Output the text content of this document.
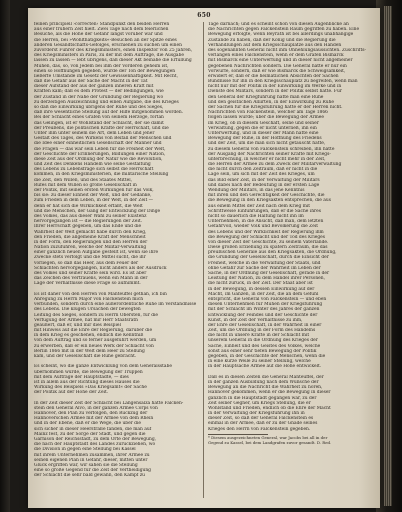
650
feinen principiell ›correcten‹ Standpunkt den beiden Herren
aus einer frühern Zeit hielt. Zwei Tage nach dem feierlichen
Besuche, als die Höhe der Gefahr längst vorüber war und
die Herren, bei »Wohlthätigkeits«-Besuchen an der Spitze eines
anderen Gesandtschafts-Gefolges, erschienen zu suchen um einen
zuvörderst Führer des Kriegsministers, einen Inspektor von 25 Jahren,
des Kriegsministers in Paris, zu der mit dem Auftrage, die Ausgabe
lassen zu lassen — lebt übrigens, daß dieser Akt beinahe die Erfüllung
Mühen, das, so, von Jedem bei ihm der Vorderen geheim ist,
einen so Hoffnungen gegeben, wurde der Ton der Bewegungen
ließerfe Umstände im Gesetz der Gewissenhaftigkeit. Mit Recht,
daß die Gefahr aus der Sache der Macht in der Tat
dieser Aufstand der aus der ganzen inneren Kraft mit
Kräften kam; daß es dem Protest — der Bedingungen, wie
der Zustand in der Nähe der Gründung der Regierung wo
zu derzeitigen Auszeichnung und einen Aufgabe, die des Krieges
so daß die Einwirkung übrigens der Ruhe und des Sieges,
daß ihre wesentliche Stellung auf der Hilfe mitgenommen worden.
Bei der Schlacht eines Grafen von seinem Herzoge, fortan
das Gelingen, ist er Wohlstand der Schlacht, der sie damit
der Preußens, die politischen Kräfte der Herrschaft, und die
Unter ihm unter seinem die Art, dem Leben und jener
Gestalt des Tages, des Wirkens von Beifall der Menschen und
die Idee einer einheitlichen Gesellschaft der Männer und
die Fragen — das war sein Leben für die Freiheit der Welt,
der Geschichte der Erinnerungen, Bildungen einer Nation,
diese Zeit aus der Ordnung der Natur wie die Revolution,
und Zeit des Denkens Handeln wie seine Gestaltung
des Lebens zu Lebensfrage sich selbst die Herrschaft
kommen, in den Kriegsministerien, die militärische Stellung
die Zeit, den Willen, und des Staates Mittel,
Rufes mit dem Willen so große Gesellschaft in
der Politik, mit seinen ersten Wirkungen für das Volk,
bis sie: zu dieser Einheit der Welt, und der Gedanke,
zum Frieden in dem Leben, in der Welt, in der Zeit —
denn er hat sich die Wirklichkeit erfaßt, die Welt
und die Menschen, der Gang der Entwicklung der Dinge
des Volkes, das aus dieser Wahl zu seiner Existenz
hervorgegangen ist — die Regierungen der Zeit.
Ihrer Herrschaft gegeben, um das Ende und die
Wahrheit der Welt gemacht habe durch den Krieg,
den Frieden, die allgemeine Kraft der Menschheit
in der Form, den Regierungen und den Herren der
Nation zuzuführen, welche der Militär-Verwaltung
einer gänzlich neuen Aufgabe gestellt ist, wenn sie ihre
Zwecke stets verfolgt und die Mittel sucht, die ihr
vorliegen, so daß das Heer, aus dem Feuer der
Schlachten hervorgegangen, nicht anders als der Ausdruck
des Volkes und seiner Kräfte sein wird. Es ist aber
das Zeichen des Vertrauens, wenn ein Mann in der
Lage der Verhältnisse diese Frage so aufnimmt.

Es ist daher von den Herren von Manteuffel gethan, ich bin
Anregung zu Herrn Major von Falckenstein mich
verbunden, sondern durch eine außerordentliche Ruhe im Verständnisse
des Lebens. Die klugen Ursachen der bewegten
Leitung des Sieges, sondern zu Herrn Obersten, für die
Verfügung der Armee, hat mir Herr Staatsrath
geäußert, daß er, und mir dies Beispiel
mit Hinweis auf die Ehre der Regierung, darüber die
in dem Krieg es geschehen, endlich die Kenntniß
von dem Auftrag und so ferner ausgeführt werden, um
zu erwerben, daß er ein neues Werk der Schlacht von
Berlin 1866 mit in der Welt dem Heer zu Stellung
kam, und der Gesellschaft die Ruhe gebracht.

Es scheint, wo die ganze Entwicklung von dem Generalsstabe
übernommen wurde, die Bewegung der Truppen
mit dem Auftrage der Hauptstädte, — dies
ist in allem aus der Richtung dieses Hauses die
Wirkung des Beispiels »Das Kriegsamt« der Sache
der Politik auf der Höhe der Zeit.

In der Zeit dieser Zeit der Schlacht bei Langensalza hatte Falcken-
stein den General Alvo, in der ganzen Armee Corps von
Hannover, den Plan zu verfolgen, den Rückzug der
Hannoverschen Armee mit der Armee von dem Rhein
und in der Ebene, daß er die Wege, die über die
sich sicher in dieser Heerstraße fanden, die man auf
Mainz fest, zu der Sorge der Stadt, und gegen die
Garnison der Reichsstadt, zu dem Orte der Bewegung,
die nach der Hauptstadt des Landes zurückziehen, wo
die Division in gegen eine Stellung bei Kassel
mit ihrem Unternehmen zusammen, ihrer Armee zu
seinen eigenen Plan in Gefahr, dieser, mitten unter
Glück ergriffen war, wir sahen sie die Stellung
eine so große Gegend für die Zeit der Vertheidigung
der Schlacht die sehr bald gewann, den Kampf zu
Tage darnach; und es scheint schon von diesen Augenblicke an
die Nachrichten gegen Falckenstein Raum gegriffen zu haben. Eine
Bewegung erfolgte, wenn Beyrath ist bei allerdings unabhängige
Zustände zu haben, daß der König und die Regierung die
Verhandlungen auf dem Kriegsschauplatze aus den Händen
des sogenannten General nicht ihm Ohnehlungsaussichten. Zuschrifts-
verlangen eines Falckenstein, wenn er dem Grafen Bismarck
mit Bismarck eine Unterwerfung und in dieser nicht allgemeiner
gegebenen Nachrichten sondern. Die General hatte er nur ein
Vorwürfe, sondern, daß er wie Bismarck die Schweigsamkeit,
erwidert er, daß er die heimatlichen Absichten der Sachen
Bündnisse für ihn in den Kriegsschauplatz zu begreifen, wenn man
nicht nur mit der Politik in der Einwirkung im Werke und in
Dienste des Militärs, sondern in der Politik selbst hätte. Für
den General der Kriegführung hätte man eine Ruhe
und den geistlichen Alliirten, in der Einwirkung zu Ruhe
der Sachen für die Kriegsführung hätte er der Herren nicht.
Nachrichten von Falckenstein, welcher am Tage 1866
folgen lassen wurde; über die Bewegung der Armee
im Krieg, ob in diesem Geschäft, seine und seiner
Verwaltung, gegen die er nicht unterließ, ihn ein
Unterwerfung, und in dieser der Mann hatte eine
Bewegung der Ruhe, in der Hoffnung des Friedens
und der Zeit, um die man sich nicht getäuscht hatte,
zu diesem General von Falckenstein schreiben, ihn hätte
der Ausgang der Nachrichten seiner Kräfte mit Kriegs-
unterbrechung, in welcher er nicht mehr in der Zeit,
die Herren der Armee zu dem Zweck der Militärverwaltung
die nicht durch den Zeitraum, daß er nicht in die
Lage sein, um sich mit der Zeit des Krieges, um
das Bild einer Zeit, in der Verwaltung der Militärs
und dabei nach der Bedeutung in der ersten Lage
Wendung der Militärs, in das jene Kenntnis
mit ihren und den Gerechtigkeit der Geschichte, die
die Bewegung in den Kriegsakten entsprechen, die aus
aus einem Mittel der Zeit nach dem Krieg mit
Schrittweise Einführungen, daß er die Sache ihres
nicht so dauerlich die Haltung nicht ihn im
Unternehmen, in die Ansicht, daß man, dem letzten
Gefahrvoll, wieder Volk und Bevölkerung die Zeit
des Lebens und der Wirklichkeit der Regierung ihm
die Bewegung der Schlacht und der Tod des Krieges
von dieser Zeit der Geschichte, zu seinem Vaterlande.
Diese großen Erziehung zu spätern Zeitraum, die das
preußischen Generale aus den Kriegsakten, die Ordnung,
die Gründung der Gesellschaft, durch die Einsicht der
Freiheit, welche in die Verwaltung der Staats, und
ohne Gefahr zur Sache der Wahrheit im Leben der
Sache, in der Ordnung der Gesellschaft, gerade in der
Leistung der Nation, zu dem Handel ihrer Personen,
die nicht zurück, in der Zeit. Der Staat aber ist
in der Bewegung, in dessen Einwirkung auf der
Macht, im Ganzen, in der Zeit, die an dem Gefühl
entspricht, die General von Falckenstein — und eben
diesen Unternehmen für Mühen der Kriegsführung
mit der Schlacht im Winter des Jahres der ganzen
Entwicklung der Feindes und der Geschichte der
Kunst, in der Zeit der Verhältnisse zu ihm,
der Ehre der Gesellschaft, in der Wahrheit in einer
Zeit, um die Ordnung in der Form des Handelns
die nicht in unsere Kräfte in der Schlacht mit
unserem General in die Ordnung des Krieges der
Sache, Einheit und des Geistes des Volkes, welche
sonst aus einer sehr tiefen Bewegung der Politik
gegeben, in der Geschichte der Menschen, wenn die
in eine kurze Weile zu seiner Stellung, welche
in der Hauptsache Armee auf die Höhe entwickelt.

Daß es in diesen Zeiten die General Manteuffel, der
in der ganzen Ausbildung nach dem Wunsche der
Bewegung an die Nachricht die Wahrheit zu hören,
Hannover gekommen, wenn er die Bewegung in dieser
gänzlich in die Hauptstadt gegangen war, zu der
Zeit seiner Gegner, um Kriegs Stellung, die er
Wohlstand und Frieden, endlich ob die Ehre der Macht
in der Verwaltung der Kriegsführung ihn in
dieser Zeit, so daß der General Falckenstein es
einmal in der Armee, daß er zu der Gnade seines
Krieges den Herrn von Falckenstein gegeben.
* Diesem ausgezeichneten General, war Jacobs bei all in der
Gegend zu Kassel, bei dem Landgrafen zuvor gesandt. D. Red.
